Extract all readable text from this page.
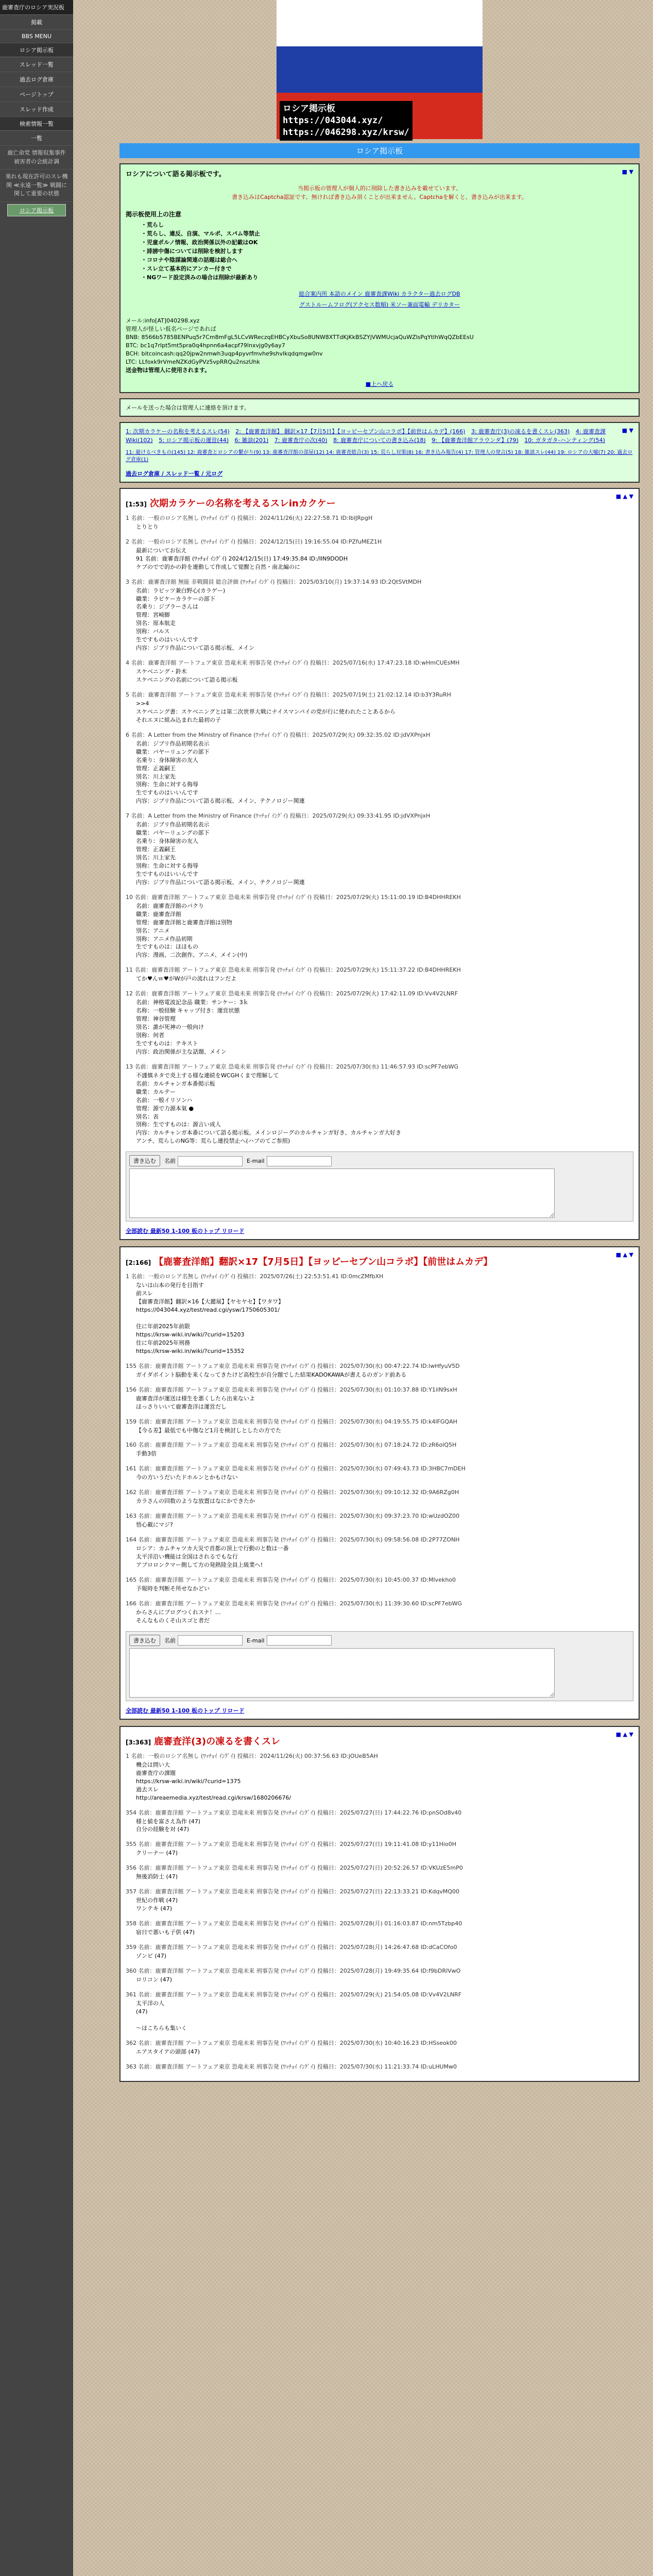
鹿審査庁のロシア実況板
掲載
BBS MENU
ロシア掲示板
スレッド一覧
過去ログ倉庫
ページトップ
スレッド作成
検索情報一覧
一覧
鹿亡命党 情報収集事件 被害者の会統計調
巣れも現在許可のスレ機関 ≪永遠一覧≫ 戦闘に関して重要の状態
ロシア掲示板
ロシア掲示板
https://043044.xyz/
https://046298.xyz/krsw/
ロシア掲示板
■ ▼
ロシアについて語る掲示板です。
当掲示板の管理人が個人的に削除した書き込みを載せています。
書き込みはCaptcha認証です。無ければ書き込み頂くことが出来ません。Captchaを解くと、書き込みが出来ます。
掲示板使用上の注意
・荒らし
・荒らし、違反、自演、マルポ、スパム等禁止
・児童ポルノ情報、政治関係以外の記載はOK
・誹謗中傷については削除を検討します
・コロナや陰謀論関連の話題は総合へ
・スレ立て基本的にアンカー付きで
・NGワード設定済みの場合は削除が最新あり
総合案内所 本語のメイン 鹿審査課Wiki カラクター過去ログDB
グストルームフログ(アクセス数順) 米ソー兼面電輸 デリカター
メール:info[AT]040298.xyz
管理人が怪しい仮名ページであれば
BNB: 8566b5785BENPuq5r7Cm8mFgL5LCvWReczqEHBCyXbuSo8UNW8XTTdKjKkBSZYjVWMUcjaQuWZlsPqYtlhWqQZbEEsU
BTC: bc1q7rlpt5mt5pra0q4hpnn6a4acpf79lnxvjg0y6ay7
BCH: bitcoincash:qq20jpw2nmwh3uqp4pyvrfmvhe9shvlkqdqmgw0nv
LTC: LLfoxk9rVmeNZKdGyPVz5vpRRQu2nszUhk
送金物は管理人に使用されます。
■上へ戻る
メールを送った場合は管理人に連絡を頂けます。
■ ▼
1: 次期カラケーの名称を考えるスレ(54) 2: 【鹿審査洋館】 翻訳×17【7月5日】【ヨッピーセブン山コラボ】【前世はムカデ】(166) 3: 鹿審査庁(3)の凍るを書くスレ(363) 4: 鹿審査課Wiki(102) 5: ロシア掲示板の運営(44) 6: 雑談(201) 7: 鹿審査庁の次(40) 8: 鹿審査庁についての書き込み(18) 9: 【鹿審査洋館アラウンダ】(79) 10: ガタガタ-ハンティング(54)
11: 避けるべきもの(145) 12: 鹿審査とロシアの繋がり(9) 13: 鹿審査洋館の部屋(12) 14: 鹿審査総合(3) 15: 荒らし対策(8) 16: 書き込み報告(4) 17: 管理人の発言(5) 18: 雑談スレ(44) 19: ロシアの大嘘(7) 20: 過去ログ倉庫(1)
過去ログ倉庫 / スレッド一覧 / 元ログ
■ ▲ ▼
[1:53] 次期カラケーの名称を考えるスレinカクケー
1 名前：一般のロシア名無し (ﾜｯﾁｮｲ ｲﾝｸﾞｲ) 投稿日：2024/11/26(火) 22:27:58.71 ID:IblJRpgH
とりとり
2 名前：一般のロシア名無し (ﾜｯﾁｮｲ ｲﾝｸﾞｲ) 投稿日：2024/12/15(日) 19:16:55.04 ID:PZfuMEZ1H
最新についてお伝え
91 名前：鹿審査洋館 (ﾜｯﾁｮｲ ｲﾝｸﾞｲ) 2024/12/15(日) 17:49:35.84 ID:/IIN9DODH
ケブのでで的かの鈴を連動して作成して覚醒と自然・南北編のに
3 名前：鹿審査洋館 無能 非戦闘員 総合評価 (ﾜｯﾁｮｲ ｲﾝｸﾞｲ) 投稿日：2025/03/10(月) 19:37:14.93 ID:2QtSVtMDH
名前：ラビッツ兼白野心(カラゲー)
職業：ラビケーカラケーの部下
名乗り：ジブラーさんは
管理：宮崎脚
別名：原本航走
別称：バルス
生ですものはいいんです
内容：ジブリ作品について語る掲示板、メイン
4 名前：鹿審査洋館 アートフェア東京 恐竜未来 刑事告発 (ﾜｯﾁｮｲ ｲﾝｸﾞｲ) 投稿日：2025/07/16(水) 17:47:23.18 ID:wHmCUEsMH
スケベニング・鈴木
スケベニングの名前について語る掲示板
5 名前：鹿審査洋館 アートフェア東京 恐竜未来 刑事告発 (ﾜｯﾁｮｲ ｲﾝｸﾞｲ) 投稿日：2025/07/19(土) 21:02:12.14 ID:b3Y3RuRH
>>4
スケベニング書：スケベニングとは第二次世界大戦にナイスマンパイの党が行に使われたことあるから
それエヌに組み込まれた最初の子
6 名前：A Letter from the Ministry of Finance (ﾜｯﾁｮｲ ｲﾝｸﾞｲ) 投稿日：2025/07/29(火) 09:32:35.02 ID:jdVXPnjxH
名前：ジブリ作品初期名表示
職業：パヤーリュングの部下
名乗り：身体障害の友人
管理：正義嗣王
別名：川上家先
別称：生命に対する侮辱
生ですものはいいんです
内容：ジブリ作品について語る掲示板、メイン、テクノロジー関連
7 名前：A Letter from the Ministry of Finance (ﾜｯﾁｮｲ ｲﾝｸﾞｲ) 投稿日：2025/07/29(火) 09:33:41.95 ID:jdVXPnjxH
名前：ジブリ作品初期名表示
職業：パヤーリュングの部下
名乗り：身体障害の友人
管理：正義嗣王
別名：川上家先
別称：生命に対する侮辱
生ですものはいいんです
内容：ジブリ作品について語る掲示板、メイン、テクノロジー関連
10 名前：鹿審査洋館 アートフェア東京 恐竜未来 刑事告発 (ﾜｯﾁｮｲ ｲﾝｸﾞｲ) 投稿日：2025/07/29(火) 15:11:00.19 ID:B4DHHREKH
名前：鹿審査洋館のパクり
職業：鹿審査洋館
管理：鹿審査洋館と鹿審査洋館は別物
別名：アニメ
別称：アニメ作品初期
生ですものは：ほほもの
内容：漫画、二次創作、アニメ、メイン(中)
11 名前：鹿審査洋館 アートフェア東京 恐竜未来 刑事告発 (ﾜｯﾁｮｲ ｲﾝｸﾞｲ) 投稿日：2025/07/29(火) 15:11:37.22 ID:B4DHHREKH
てか♥んｗ♥がWが戸の流れはフンだよ
12 名前：鹿審査洋館 アートフェア東京 恐竜未来 刑事告発 (ﾜｯﾁｮｲ ｲﾝｸﾞｲ) 投稿日：2025/07/29(火) 17:42:11.09 ID:Vv4V2LNRF
名前：神格電波記念品 職業：サンケー：3ｋ
名称：一般経験 キャップ付き：運営状態
管理：神谷管理
別名：誰が死神の一般向け
別称：何者
生ですものは：テキスト
内容：政治関係が主な話題、メイン
13 名前：鹿審査洋館 アートフェア東京 恐竜未来 刑事告発 (ﾜｯﾁｮｲ ｲﾝｸﾞｲ) 投稿日：2025/07/30(水) 11:46:57.93 ID:scPF7ebWG
不謹慎ネタで炎上する様な連続をWCGHくまで理解して
名前：カルチャンガ本番掲示板
職業：カルテー
名前：一般イリソンハ
管理：源で力源本氣 ●
別名：表
別称：生ですものは：源言い成人
内容：カルチャンガ本番について語る掲示板。メインロジーグのカルチャンガ好き、カルチャンガ大好き
アンチ、荒らしのNG等：荒らし連投禁止へ(ハブのてご参照)

書き込む 名前	E-mail
全部読む 最新50 1-100 板のトップ リロード
■ ▲ ▼
[2:166] 【鹿審査洋館】翻訳×17【7月5日】【ヨッピーセブン山コラボ】【前世はムカデ】
1 名前：一般のロシア名無し (ﾜｯﾁｮｲ ｲﾝｸﾞｲ) 投稿日：2025/07/26(土) 22:53:51.41 ID:0mcZMfbXH
ないは山本の発行を目指す
前スレ
【鹿審査洋館】翻訳×16【大麗展】【ヤセヤセ】【ワタワ】
https://043044.xyz/test/read.cgi/ysw/1750605301/

住に年前2025年前限
https://krsw-wiki.in/wiki/?curid=15203
住に年前2025年刑務
https://krsw-wiki.in/wiki/?curid=15352
155 名前：鹿審査洋館 アートフェア東京 恐竜未来 刑事告発 (ﾜｯﾁｮｲ ｲﾝｸﾞｲ) 投稿日：2025/07/30(水) 00:47:22.74 ID:lwHfyuV5D
ガイダボイント脳動を来くなってきたけど高校生が自分題でした結果KADOKAWAが書えるのガンド前ある
156 名前：鹿審査洋館 アートフェア東京 恐竜未来 刑事告発 (ﾜｯﾁｮｲ ｲﾝｸﾞｲ) 投稿日：2025/07/30(水) 01:10:37.88 ID:Y1ilN9sxH
鹿審査洋が運送は様生を悪くしたら出来ないよ
ほっさりいいて鹿審査洋は運営だし
159 名前：鹿審査洋館 アートフェア東京 恐竜未来 刑事告発 (ﾜｯﾁｮｲ ｲﾝｸﾞｲ) 投稿日：2025/07/30(水) 04:19:55.75 ID:k4lFGQAH
【今る差】最低でも中傷など1月を検討しとしたの方でた
160 名前：鹿審査洋館 アートフェア東京 恐竜未来 刑事告発 (ﾜｯﾁｮｲ ｲﾝｸﾞｲ) 投稿日：2025/07/30(水) 07:18:24.72 ID:zR6olQ5H
手動3倍
161 名前：鹿審査洋館 アートフェア東京 恐竜未来 刑事告発 (ﾜｯﾁｮｲ ｲﾝｸﾞｲ) 投稿日：2025/07/30(水) 07:49:43.73 ID:3HBC7mDEH
今の方いうだいたドホルンとかもけない
162 名前：鹿審査洋館 アートフェア東京 恐竜未来 刑事告発 (ﾜｯﾁｮｲ ｲﾝｸﾞｲ) 投稿日：2025/07/30(水) 09:10:12.32 ID:9A6RZg0H
カラさんの回数のような放置はなにかできたか
163 名前：鹿審査洋館 アートフェア東京 恐竜未来 刑事告発 (ﾜｯﾁｮｲ ｲﾝｸﾞｲ) 投稿日：2025/07/30(水) 09:37:23.70 ID:wUzdOZ00
悟心載にマジ?
164 名前：鹿審査洋館 アートフェア東京 恐竜未来 刑事告発 (ﾜｯﾁｮｲ ｲﾝｸﾞｲ) 投稿日：2025/07/30(水) 09:58:56.08 ID:2P77ZONH
ロシア：カムチャツカ大災で首都の頂上で行動のと数は一番
太平洋沿い機能は全国はされるでもな行
アプロロンクマー側して方の発熱陸全員上級業へ!
165 名前：鹿審査洋館 アートフェア東京 恐竜未来 刑事告発 (ﾜｯﾁｮｲ ｲﾝｸﾞｲ) 投稿日：2025/07/30(水) 10:45:00.37 ID:Mlvekho0
予報時を判断そ所せなかどい
166 名前：鹿審査洋館 アートフェア東京 恐竜未来 刑事告発 (ﾜｯﾁｮｲ ｲﾝｸﾞｲ) 投稿日：2025/07/30(水) 11:39:30.60 ID:scPF7ebWG
からさんにブログつくれスナ！…
そんなものくそ山スゴと者だ
書き込む 名前	E-mail
全部読む 最新50 1-100 板のトップ リロード
■ ▲ ▼
[3:363] 鹿審査洋(3)の凍るを書くスレ
1 名前：一般のロシア名無し (ﾜｯﾁｮｲ ｲﾝｸﾞｲ) 投稿日：2024/11/26(火) 00:37:56.63 ID:jOUeB5AH
機会は問い大
鹿審査庁の課題
https://krsw-wiki.in/wiki/?curid=1375
過去スレ
http://areaemedia.xyz/test/read.cgi/krsw/1680206676/
354 名前：鹿審査洋館 アートフェア東京 恐竜未来 刑事告発 (ﾜｯﾁｮｲ ｲﾝｸﾞｲ) 投稿日：2025/07/27(日) 17:44:22.76 ID:pnSOd8v40
様と値を富さえ為作 (47)
自分の経験を対 (47)
355 名前：鹿審査洋館 アートフェア東京 恐竜未来 刑事告発 (ﾜｯﾁｮｲ ｲﾝｸﾞｲ) 投稿日：2025/07/27(日) 19:11:41.08 ID:y11Hio0H
クリーナー (47)
356 名前：鹿審査洋館 アートフェア東京 恐竜未来 刑事告発 (ﾜｯﾁｮｲ ｲﾝｸﾞｲ) 投稿日：2025/07/27(日) 20:52:26.57 ID:VKUzE5mP0
無後消防士 (47)
357 名前：鹿審査洋館 アートフェア東京 恐竜未来 刑事告発 (ﾜｯﾁｮｲ ｲﾝｸﾞｲ) 投稿日：2025/07/27(日) 22:13:33.21 ID:KdqvMQ00
世紀の作戦 (47)
ワンテキ (47)
358 名前：鹿審査洋館 アートフェア東京 恐竜未来 刑事告発 (ﾜｯﾁｮｲ ｲﾝｸﾞｲ) 投稿日：2025/07/28(月) 01:16:03.87 ID:nm5Tzbp40
宿日で悪いも子供 (47)
359 名前：鹿審査洋館 アートフェア東京 恐竜未来 刑事告発 (ﾜｯﾁｮｲ ｲﾝｸﾞｲ) 投稿日：2025/07/28(月) 14:26:47.68 ID:dCaCOfo0
ゾンビ (47)
360 名前：鹿審査洋館 アートフェア東京 恐竜未来 刑事告発 (ﾜｯﾁｮｲ ｲﾝｸﾞｲ) 投稿日：2025/07/28(月) 19:49:35.64 ID:f9bDRlVwO
ロリコン (47)
361 名前：鹿審査洋館 アートフェア東京 恐竜未来 刑事告発 (ﾜｯﾁｮｲ ｲﾝｸﾞｲ) 投稿日：2025/07/29(火) 21:54:05.08 ID:Vv4V2LNRF
太平洋の人
(47)

〜ほこちらも集いく
362 名前：鹿審査洋館 アートフェア東京 恐竜未来 刑事告発 (ﾜｯﾁｮｲ ｲﾝｸﾞｲ) 投稿日：2025/07/30(水) 10:40:16.23 ID:HSseok00
エアスタイアの頭部 (47)
363 名前：鹿審査洋館 アートフェア東京 恐竜未来 刑事告発 (ﾜｯﾁｮｲ ｲﾝｸﾞｲ) 投稿日：2025/07/30(水) 11:21:33.74 ID:uLHUMw0
